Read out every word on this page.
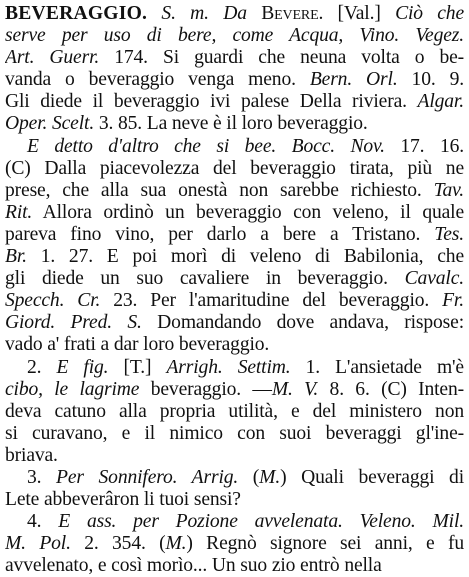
BEVERAGGIO. S. m. Da Bevere. [Val.] Ciò che
serve per uso di bere, come Acqua, Vino. Vegez.
Art. Guerr. 174. Si guardi che neuna volta o be-
vanda o beveraggio venga meno. Bern. Orl. 10. 9.
Gli diede il beveraggio ivi palese Della riviera. Algar.
Oper. Scelt. 3. 85. La neve è il loro beveraggio.
E detto d'altro che si bee. Bocc. Nov. 17. 16.
(C) Dalla piacevolezza del beveraggio tirata, più ne
prese, che alla sua onestà non sarebbe richiesto. Tav.
Rit. Allora ordinò un beveraggio con veleno, il quale
pareva fino vino, per darlo a bere a Tristano. Tes.
Br. 1. 27. E poi morì di veleno di Babilonia, che
gli diede un suo cavaliere in beveraggio. Cavalc.
Specch. Cr. 23. Per l'amaritudine del beveraggio. Fr.
Giord. Pred. S. Domandando dove andava, rispose:
vado a' frati a dar loro beveraggio.
2. E fig. [T.] Arrigh. Settim. 1. L'ansietade m'è
cibo, le lagrime beveraggio. —M. V. 8. 6. (C) Inten-
deva catuno alla propria utilità, e del ministero non
si curavano, e il nimico con suoi beveraggi gl'ine-
briava.
3. Per Sonnifero. Arrig. (M.) Quali beveraggi di
Lete abbeverâron li tuoi sensi?
4. E ass. per Pozione avvelenata. Veleno. Mil.
M. Pol. 2. 354. (M.) Regnò signore sei anni, e fu
avvelenato, e così morìo... Un suo zio entrò nella
